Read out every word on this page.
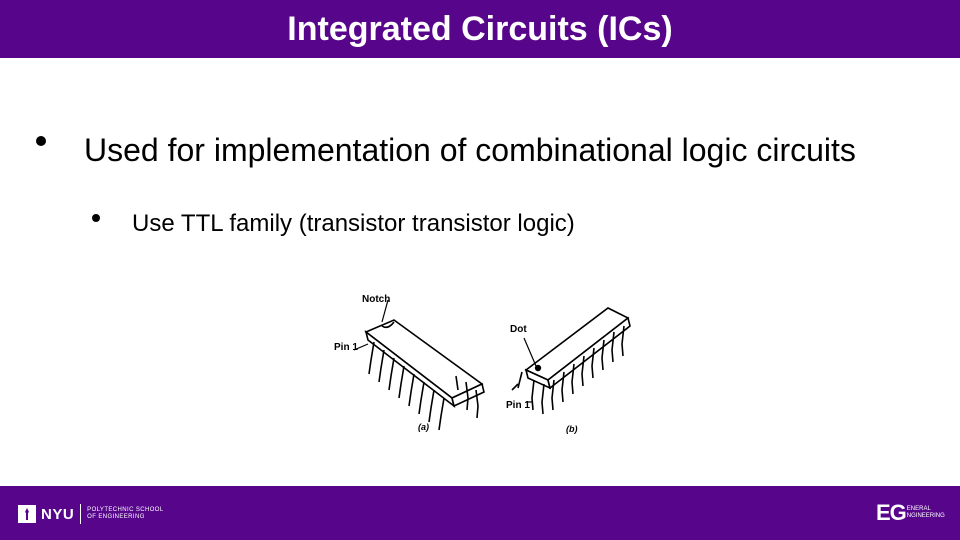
Integrated Circuits (ICs)
Used for implementation of combinational logic circuits
Use TTL family (transistor transistor logic)
Notch
Pin 1
(a)
Dot
Pin 1
(b)
NYU POLYTECHNIC SCHOOL
OF ENGINEERING	EG ENERAL
NGINEERING
